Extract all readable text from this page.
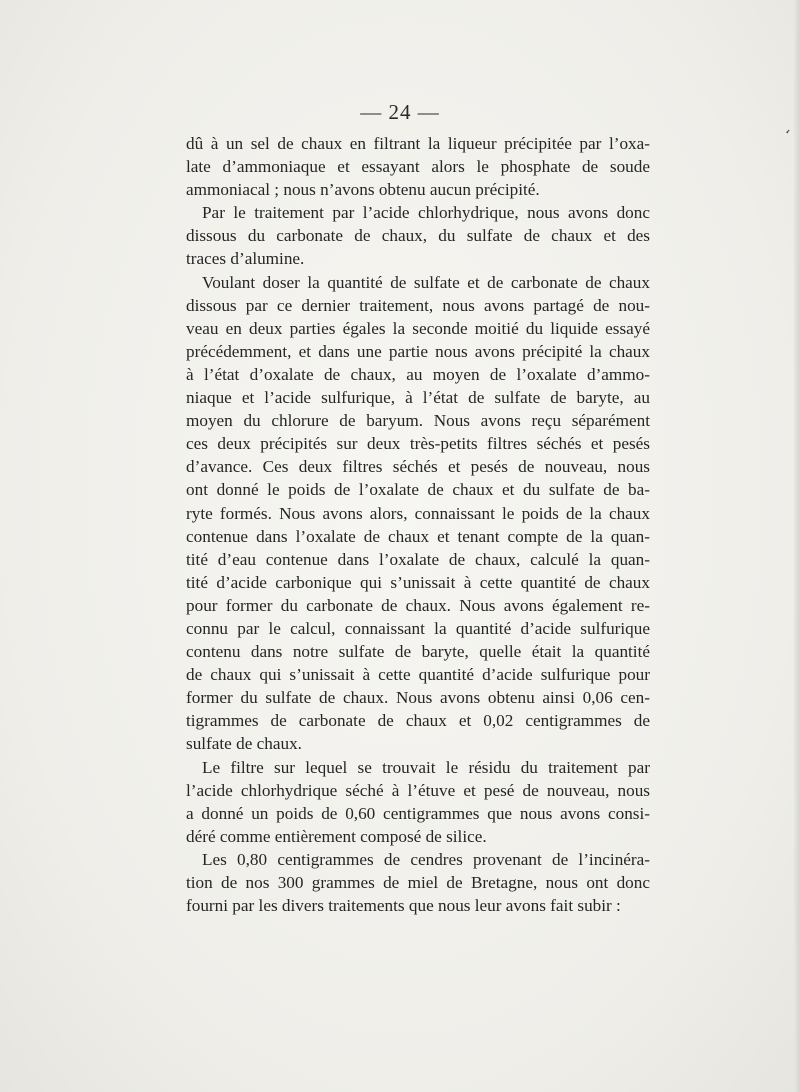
‘
— 24 —
dû à un sel de chaux en filtrant la liqueur précipitée par l’oxa-
late d’ammoniaque et essayant alors le phosphate de soude
ammoniacal ; nous n’avons obtenu aucun précipité.
Par le traitement par l’acide chlorhydrique, nous avons donc
dissous du carbonate de chaux, du sulfate de chaux et des
traces d’alumine.
Voulant doser la quantité de sulfate et de carbonate de chaux
dissous par ce dernier traitement, nous avons partagé de nou-
veau en deux parties égales la seconde moitié du liquide essayé
précédemment, et dans une partie nous avons précipité la chaux
à l’état d’oxalate de chaux, au moyen de l’oxalate d’ammo-
niaque et l’acide sulfurique, à l’état de sulfate de baryte, au
moyen du chlorure de baryum. Nous avons reçu séparément
ces deux précipités sur deux très-petits filtres séchés et pesés
d’avance. Ces deux filtres séchés et pesés de nouveau, nous
ont donné le poids de l’oxalate de chaux et du sulfate de ba-
ryte formés. Nous avons alors, connaissant le poids de la chaux
contenue dans l’oxalate de chaux et tenant compte de la quan-
tité d’eau contenue dans l’oxalate de chaux, calculé la quan-
tité d’acide carbonique qui s’unissait à cette quantité de chaux
pour former du carbonate de chaux. Nous avons également re-
connu par le calcul, connaissant la quantité d’acide sulfurique
contenu dans notre sulfate de baryte, quelle était la quantité
de chaux qui s’unissait à cette quantité d’acide sulfurique pour
former du sulfate de chaux. Nous avons obtenu ainsi 0,06 cen-
tigrammes de carbonate de chaux et 0,02 centigrammes de
sulfate de chaux.
Le filtre sur lequel se trouvait le résidu du traitement par
l’acide chlorhydrique séché à l’étuve et pesé de nouveau, nous
a donné un poids de 0,60 centigrammes que nous avons consi-
déré comme entièrement composé de silice.
Les 0,80 centigrammes de cendres provenant de l’incinéra-
tion de nos 300 grammes de miel de Bretagne, nous ont donc
fourni par les divers traitements que nous leur avons fait subir :
